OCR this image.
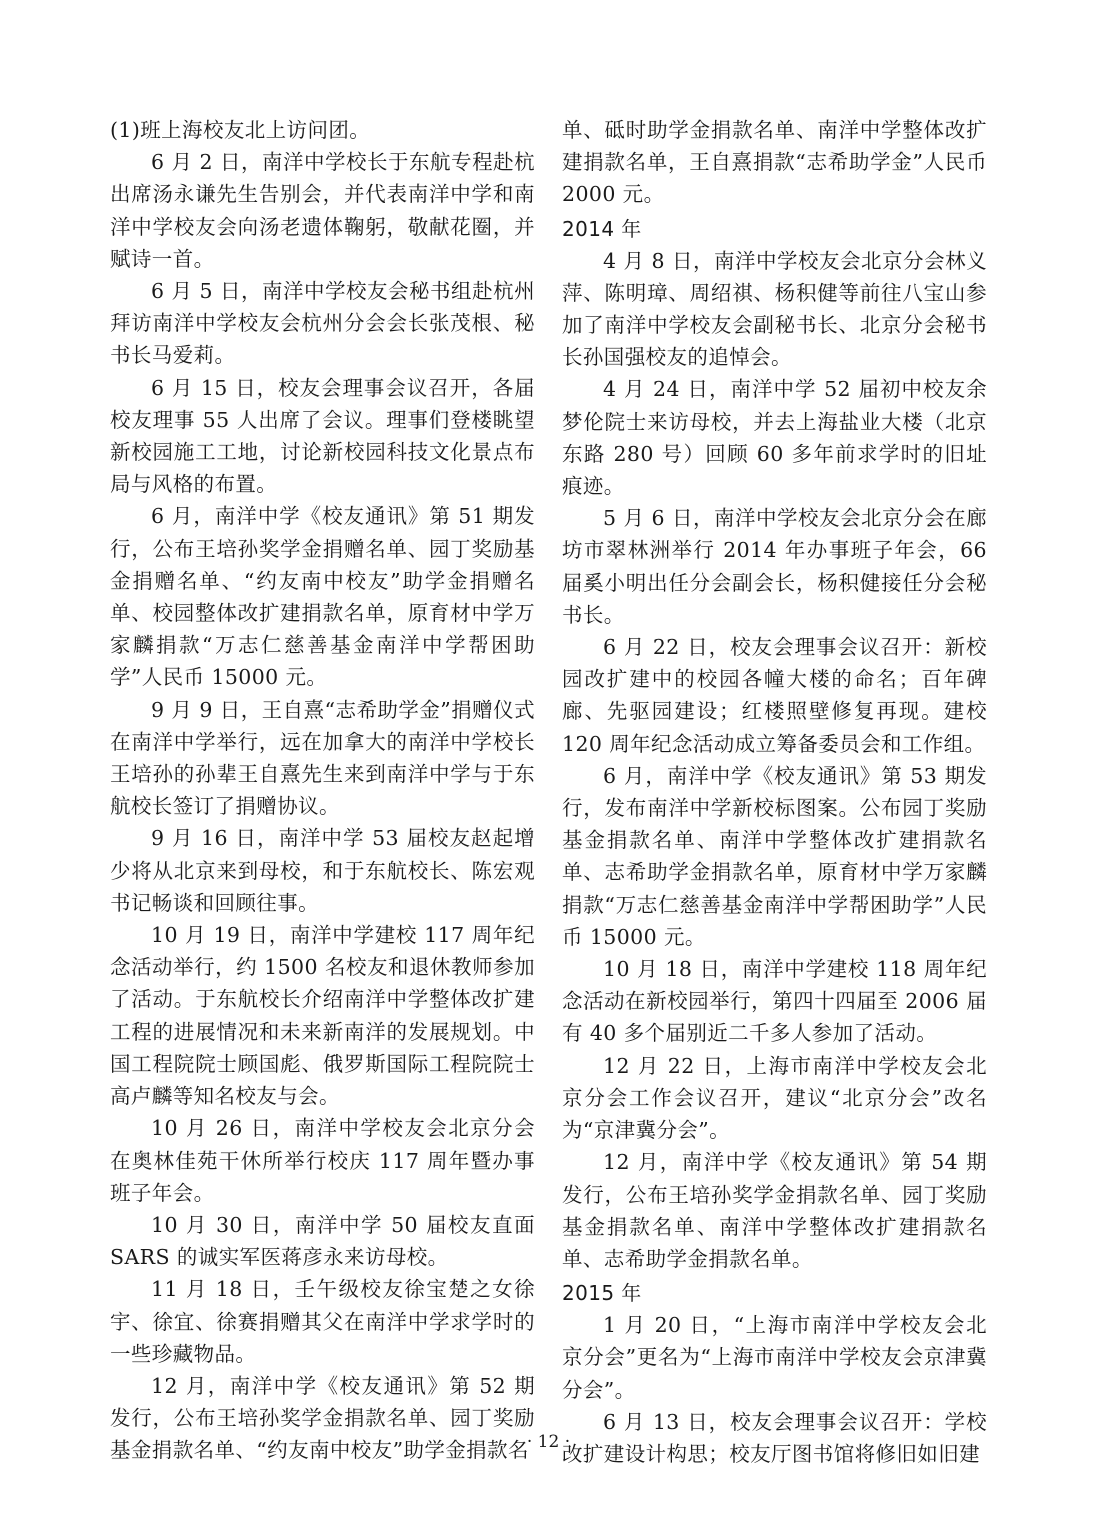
(1)班上海校友北上访问团。

6 月 2 日，南洋中学校长于东航专程赴杭出席汤永谦先生告别会，并代表南洋中学和南洋中学校友会向汤老遗体鞠躬，敬献花圈，并赋诗一首。

6 月 5 日，南洋中学校友会秘书组赴杭州拜访南洋中学校友会杭州分会会长张茂根、秘书长马爱莉。

6 月 15 日，校友会理事会议召开，各届校友理事 55 人出席了会议。理事们登楼眺望新校园施工工地，讨论新校园科技文化景点布局与风格的布置。

6 月，南洋中学《校友通讯》第 51 期发行，公布王培孙奖学金捐赠名单、园丁奖励基金捐赠名单、“约友南中校友”助学金捐赠名单、校园整体改扩建捐款名单，原育材中学万家麟捐款“万志仁慈善基金南洋中学帮困助学”人民币 15000 元。

9 月 9 日，王自熹“志希助学金”捐赠仪式在南洋中学举行，远在加拿大的南洋中学校长王培孙的孙辈王自熹先生来到南洋中学与于东航校长签订了捐赠协议。

9 月 16 日，南洋中学 53 届校友赵起增少将从北京来到母校，和于东航校长、陈宏观书记畅谈和回顾往事。

10 月 19 日，南洋中学建校 117 周年纪念活动举行，约 1500 名校友和退休教师参加了活动。于东航校长介绍南洋中学整体改扩建工程的进展情况和未来新南洋的发展规划。中国工程院院士顾国彪、俄罗斯国际工程院院士高卢麟等知名校友与会。

10 月 26 日，南洋中学校友会北京分会在奥林佳苑干休所举行校庆 117 周年暨办事班子年会。

10 月 30 日，南洋中学 50 届校友直面 SARS 的诚实军医蒋彦永来访母校。

11 月 18 日，壬午级校友徐宝楚之女徐宇、徐宜、徐赛捐赠其父在南洋中学求学时的一些珍藏物品。

12 月，南洋中学《校友通讯》第 52 期发行，公布王培孙奖学金捐款名单、园丁奖励基金捐款名单、“约友南中校友”助学金捐款名

单、砥时助学金捐款名单、南洋中学整体改扩建捐款名单，王自熹捐款“志希助学金”人民币 2000 元。

2014 年

4 月 8 日，南洋中学校友会北京分会林义萍、陈明璋、周绍祺、杨积健等前往八宝山参加了南洋中学校友会副秘书长、北京分会秘书长孙国强校友的追悼会。

4 月 24 日，南洋中学 52 届初中校友余梦伦院士来访母校，并去上海盐业大楼（北京东路 280 号）回顾 60 多年前求学时的旧址痕迹。

5 月 6 日，南洋中学校友会北京分会在廊坊市翠林洲举行 2014 年办事班子年会，66 届奚小明出任分会副会长，杨积健接任分会秘书长。

6 月 22 日，校友会理事会议召开：新校园改扩建中的校园各幢大楼的命名；百年碑廊、先驱园建设；红楼照壁修复再现。建校 120 周年纪念活动成立筹备委员会和工作组。

6 月，南洋中学《校友通讯》第 53 期发行，发布南洋中学新校标图案。公布园丁奖励基金捐款名单、南洋中学整体改扩建捐款名单、志希助学金捐款名单，原育材中学万家麟捐款“万志仁慈善基金南洋中学帮困助学”人民币 15000 元。

10 月 18 日，南洋中学建校 118 周年纪念活动在新校园举行，第四十四届至 2006 届有 40 多个届别近二千多人参加了活动。

12 月 22 日，上海市南洋中学校友会北京分会工作会议召开，建议“北京分会”改名为“京津冀分会”。

12 月，南洋中学《校友通讯》第 54 期发行，公布王培孙奖学金捐款名单、园丁奖励基金捐款名单、南洋中学整体改扩建捐款名单、志希助学金捐款名单。

2015 年

1 月 20 日，“上海市南洋中学校友会北京分会”更名为“上海市南洋中学校友会京津冀分会”。

6 月 13 日，校友会理事会议召开：学校改扩建设计构思；校友厅图书馆将修旧如旧建

· 12 ·
